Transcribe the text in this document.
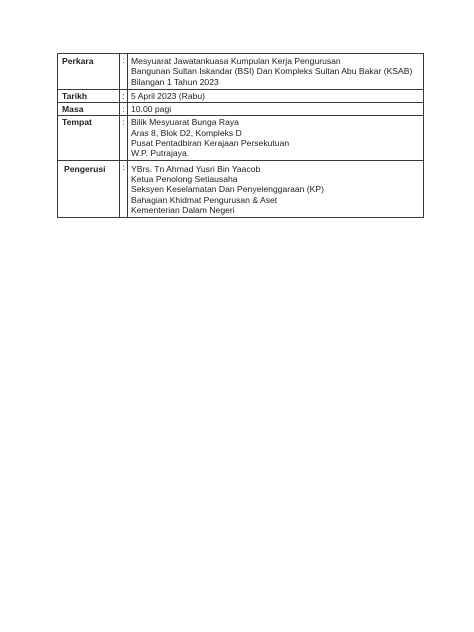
Perkara	:	Mesyuarat Jawatankuasa Kumpulan Kerja Pengurusan
Bangunan Sultan Iskandar (BSI) Dan Kompleks Sultan Abu Bakar (KSAB)
Bilangan 1 Tahun 2023

Tarikh	:	5 April 2023 (Rabu)

Masa	:	10.00 pagi

Tempat	:	Bilik Mesyuarat Bunga Raya
Aras 8, Blok D2, Kompleks D
Pusat Pentadbiran Kerajaan Persekutuan
W.P. Putrajaya.

Pengerusi	:	YBrs. Tn Ahmad Yusri Bin Yaacob
Ketua Penolong Setiausaha
Seksyen Keselamatan Dan Penyelenggaraan (KP)
Bahagian Khidmat Pengurusan & Aset
Kementerian Dalam Negeri
